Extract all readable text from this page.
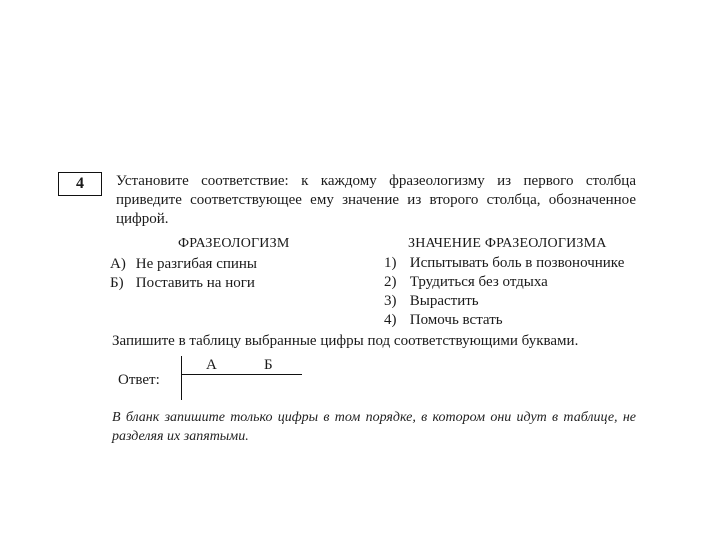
4 Установите соответствие: к каждому фразеологизму из первого столбца приведите соответствующее ему значение из второго столбца, обозначенное цифрой.

ФРАЗЕОЛОГИЗМ	ЗНАЧЕНИЕ ФРАЗЕОЛОГИЗМА

А) Не разгибая спины
Б) Поставить на ноги
1) Испытывать боль в позвоночнике
2) Трудиться без отдыха
3) Вырастить
4) Помочь встать

Запишите в таблицу выбранные цифры под соответствующими буквами.

Ответ:

А	Б

В бланк запишите только цифры в том порядке, в котором они идут в таблице, не разделяя их запятыми.
